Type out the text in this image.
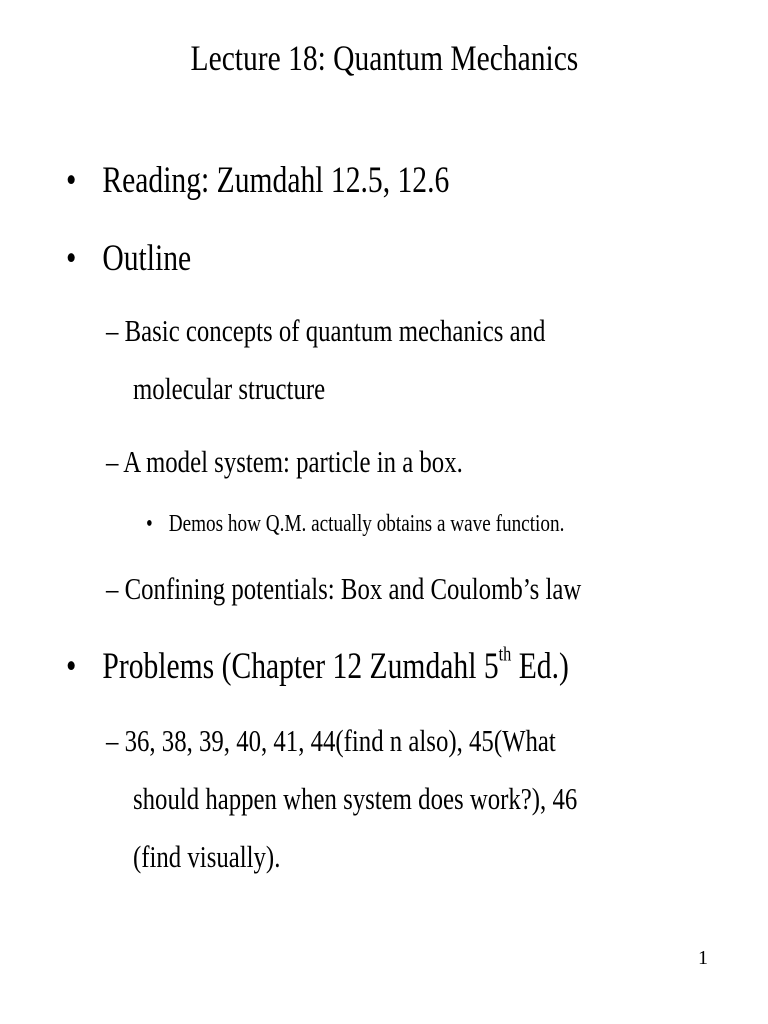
Lecture 18: Quantum Mechanics
• Reading: Zumdahl 12.5, 12.6
• Outline
– Basic concepts of quantum mechanics and
molecular structure
– A model system: particle in a box.
• Demos how Q.M. actually obtains a wave function.
– Confining potentials: Box and Coulomb’s law
• Problems (Chapter 12 Zumdahl 5th Ed.)
– 36, 38, 39, 40, 41, 44(find n also), 45(What
should happen when system does work?), 46
(find visually).
1
